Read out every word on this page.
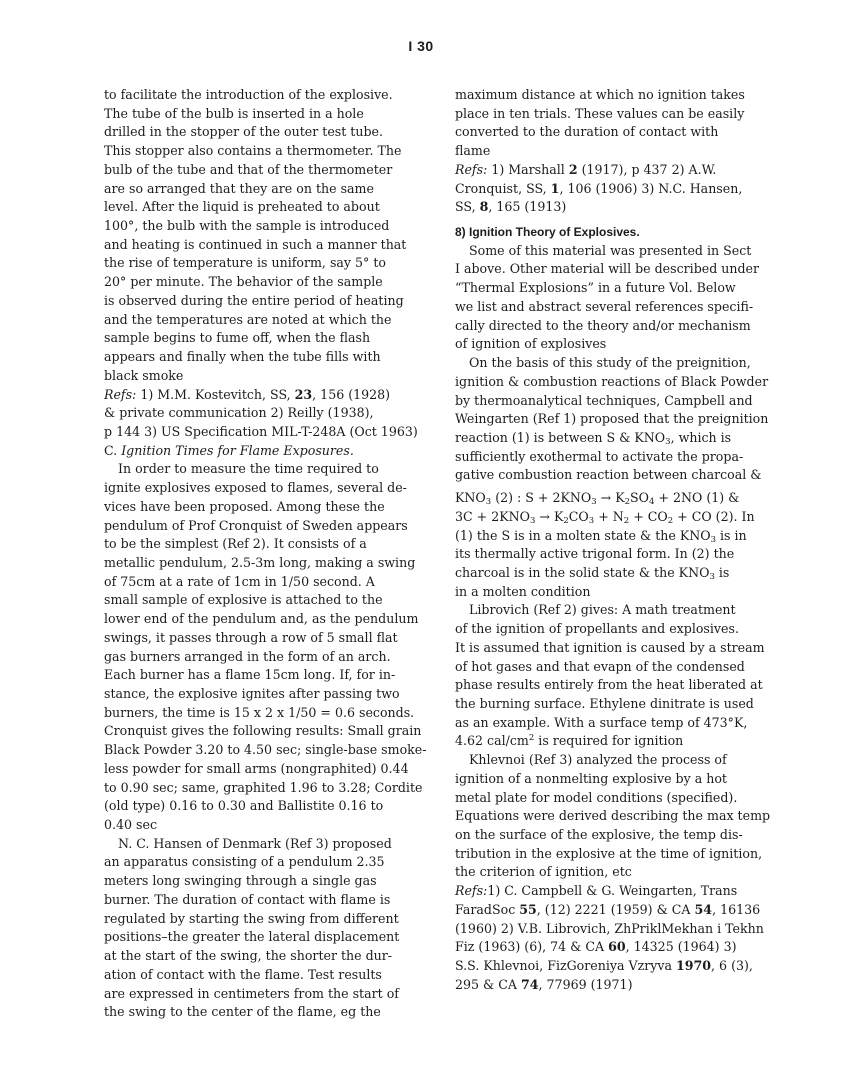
I 30
to facilitate the introduction of the explosive.
The tube of the bulb is inserted in a hole
drilled in the stopper of the outer test tube.
This stopper also contains a thermometer. The
bulb of the tube and that of the thermometer
are so arranged that they are on the same
level. After the liquid is preheated to about
100°, the bulb with the sample is introduced
and heating is continued in such a manner that
the rise of temperature is uniform, say 5° to
20° per minute. The behavior of the sample
is observed during the entire period of heating
and the temperatures are noted at which the
sample begins to fume off, when the flash
appears and finally when the tube fills with
black smoke
Refs: 1) M.M. Kostevitch, SS, 23, 156 (1928)
& private communication 2) Reilly (1938),
p 144 3) US Specification MIL-T-248A (Oct 1963)
C. Ignition Times for Flame Exposures.
In order to measure the time required to
ignite explosives exposed to flames, several de-
vices have been proposed. Among these the
pendulum of Prof Cronquist of Sweden appears
to be the simplest (Ref 2). It consists of a
metallic pendulum, 2.5-3m long, making a swing
of 75cm at a rate of 1cm in 1/50 second. A
small sample of explosive is attached to the
lower end of the pendulum and, as the pendulum
swings, it passes through a row of 5 small flat
gas burners arranged in the form of an arch.
Each burner has a flame 15cm long. If, for in-
stance, the explosive ignites after passing two
burners, the time is 15 x 2 x 1/50 = 0.6 seconds.
Cronquist gives the following results: Small grain
Black Powder 3.20 to 4.50 sec; single-base smoke-
less powder for small arms (nongraphited) 0.44
to 0.90 sec; same, graphited 1.96 to 3.28; Cordite
(old type) 0.16 to 0.30 and Ballistite 0.16 to
0.40 sec
N. C. Hansen of Denmark (Ref 3) proposed
an apparatus consisting of a pendulum 2.35
meters long swinging through a single gas
burner. The duration of contact with flame is
regulated by starting the swing from different
positions–the greater the lateral displacement
at the start of the swing, the shorter the dur-
ation of contact with the flame. Test results
are expressed in centimeters from the start of
the swing to the center of the flame, eg the
maximum distance at which no ignition takes
place in ten trials. These values can be easily
converted to the duration of contact with
flame
Refs: 1) Marshall 2 (1917), p 437 2) A.W.
Cronquist, SS, 1, 106 (1906) 3) N.C. Hansen,
SS, 8, 165 (1913)
8) Ignition Theory of Explosives.
Some of this material was presented in Sect
I above. Other material will be described under
“Thermal Explosions” in a future Vol. Below
we list and abstract several references specifi-
cally directed to the theory and/or mechanism
of ignition of explosives
On the basis of this study of the preignition,
ignition & combustion reactions of Black Powder
by thermoanalytical techniques, Campbell and
Weingarten (Ref 1) proposed that the preignition
reaction (1) is between S & $KNO_3$, which is
sufficiently exothermal to activate the propa-
gative combustion reaction between charcoal &
$KNO_3$ (2) : $S + 2KNO_3 \to K_2SO_4 + 2NO$ (1) &
$3C + 2KNO_3 \to K_2CO_3 + N_2 + CO_2$ + CO (2). In
(1) the S is in a molten state & the $KNO_3$ is in
its thermally active trigonal form. In (2) the
charcoal is in the solid state & the $KNO_3$ is
in a molten condition
Librovich (Ref 2) gives: A math treatment
of the ignition of propellants and explosives.
It is assumed that ignition is caused by a stream
of hot gases and that evapn of the condensed
phase results entirely from the heat liberated at
the burning surface. Ethylene dinitrate is used
as an example. With a surface temp of 473°K,
4.62 cal/$cm^2$ is required for ignition
Khlevnoi (Ref 3) analyzed the process of
ignition of a nonmelting explosive by a hot
metal plate for model conditions (specified).
Equations were derived describing the max temp
on the surface of the explosive, the temp dis-
tribution in the explosive at the time of ignition,
the criterion of ignition, etc
Refs:1) C. Campbell & G. Weingarten, Trans
FaradSoc 55, (12) 2221 (1959) & CA 54, 16136
(1960) 2) V.B. Librovich, ZhPriklMekhan i Tekhn
Fiz (1963) (6), 74 & CA 60, 14325 (1964) 3)
S.S. Khlevnoi, FizGoreniya Vzryva 1970, 6 (3),
295 & CA 74, 77969 (1971)
